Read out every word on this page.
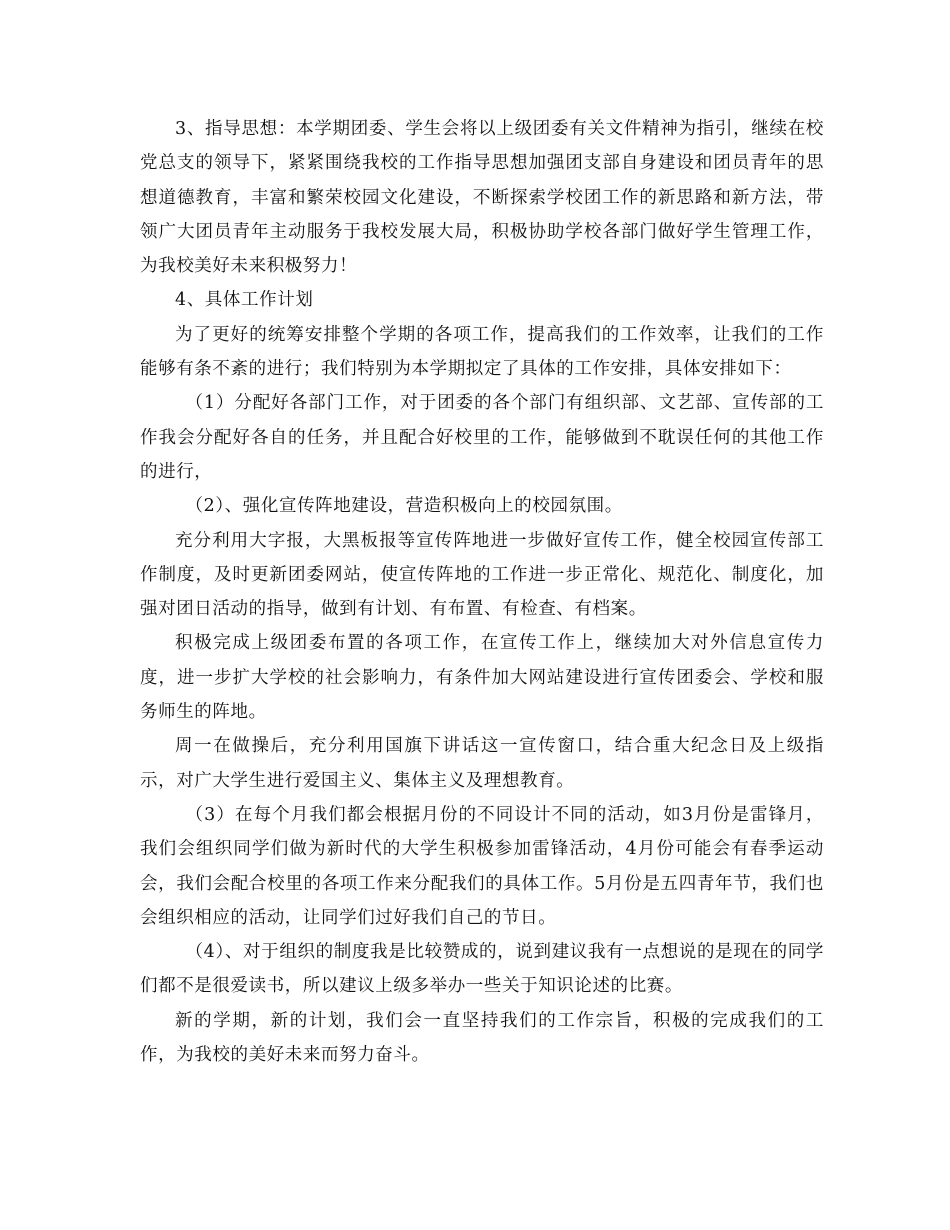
3、指导思想：本学期团委、学生会将以上级团委有关文件精神为指引，继续在校党总支的领导下，紧紧围绕我校的工作指导思想加强团支部自身建设和团员青年的思想道德教育，丰富和繁荣校园文化建设，不断探索学校团工作的新思路和新方法，带领广大团员青年主动服务于我校发展大局，积极协助学校各部门做好学生管理工作，为我校美好未来积极努力！

4、具体工作计划

为了更好的统筹安排整个学期的各项工作，提高我们的工作效率，让我们的工作能够有条不紊的进行；我们特别为本学期拟定了具体的工作安排，具体安排如下：

（1）分配好各部门工作，对于团委的各个部门有组织部、文艺部、宣传部的工作我会分配好各自的任务，并且配合好校里的工作，能够做到不耽误任何的其他工作的进行，

（2）、强化宣传阵地建设，营造积极向上的校园氛围。

充分利用大字报，大黑板报等宣传阵地进一步做好宣传工作，健全校园宣传部工作制度，及时更新团委网站，使宣传阵地的工作进一步正常化、规范化、制度化，加强对团日活动的指导，做到有计划、有布置、有检查、有档案。

积极完成上级团委布置的各项工作，在宣传工作上，继续加大对外信息宣传力度，进一步扩大学校的社会影响力，有条件加大网站建设进行宣传团委会、学校和服务师生的阵地。

周一在做操后，充分利用国旗下讲话这一宣传窗口，结合重大纪念日及上级指示，对广大学生进行爱国主义、集体主义及理想教育。

（3）在每个月我们都会根据月份的不同设计不同的活动，如3月份是雷锋月，我们会组织同学们做为新时代的大学生积极参加雷锋活动，4月份可能会有春季运动会，我们会配合校里的各项工作来分配我们的具体工作。5月份是五四青年节，我们也会组织相应的活动，让同学们过好我们自己的节日。

（4）、对于组织的制度我是比较赞成的，说到建议我有一点想说的是现在的同学们都不是很爱读书，所以建议上级多举办一些关于知识论述的比赛。

新的学期，新的计划，我们会一直坚持我们的工作宗旨，积极的完成我们的工作，为我校的美好未来而努力奋斗。
